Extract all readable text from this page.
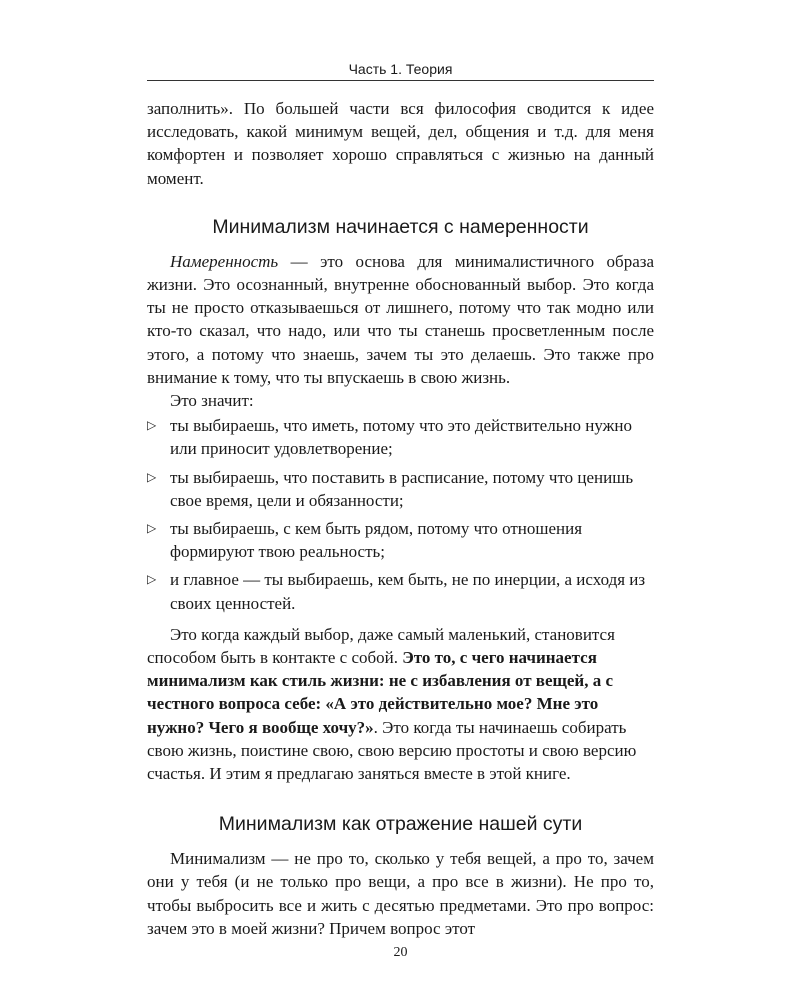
Часть 1. Теория

заполнить». По большей части вся философия сводится к идее исследовать, какой минимум вещей, дел, общения и т.д. для меня комфортен и позволяет хорошо справляться с жизнью на данный момент.

Минимализм начинается с намеренности

Намеренность — это основа для минималистичного образа жизни. Это осознанный, внутренне обоснованный выбор. Это когда ты не просто отказываешься от лишнего, потому что так модно или кто-то сказал, что надо, или что ты станешь просветленным после этого, а потому что знаешь, зачем ты это делаешь. Это также про внимание к тому, что ты впускаешь в свою жизнь.

Это значит:

▷ ты выбираешь, что иметь, потому что это действительно нужно или приносит удовлетворение;
▷ ты выбираешь, что поставить в расписание, потому что ценишь свое время, цели и обязанности;
▷ ты выбираешь, с кем быть рядом, потому что отношения формируют твою реальность;
▷ и главное — ты выбираешь, кем быть, не по инерции, а исходя из своих ценностей.

Это когда каждый выбор, даже самый маленький, становится способом быть в контакте с собой. Это то, с чего начинается минимализм как стиль жизни: не с избавления от вещей, а с честного вопроса себе: «А это действительно мое? Мне это нужно? Чего я вообще хочу?». Это когда ты начинаешь собирать свою жизнь, поистине свою, свою версию простоты и свою версию счастья. И этим я предлагаю заняться вместе в этой книге.

Минимализм как отражение нашей сути

Минимализм — не про то, сколько у тебя вещей, а про то, зачем они у тебя (и не только про вещи, а про все в жизни). Не про то, чтобы выбросить все и жить с десятью предметами. Это про вопрос: зачем это в моей жизни? Причем вопрос этот

20
